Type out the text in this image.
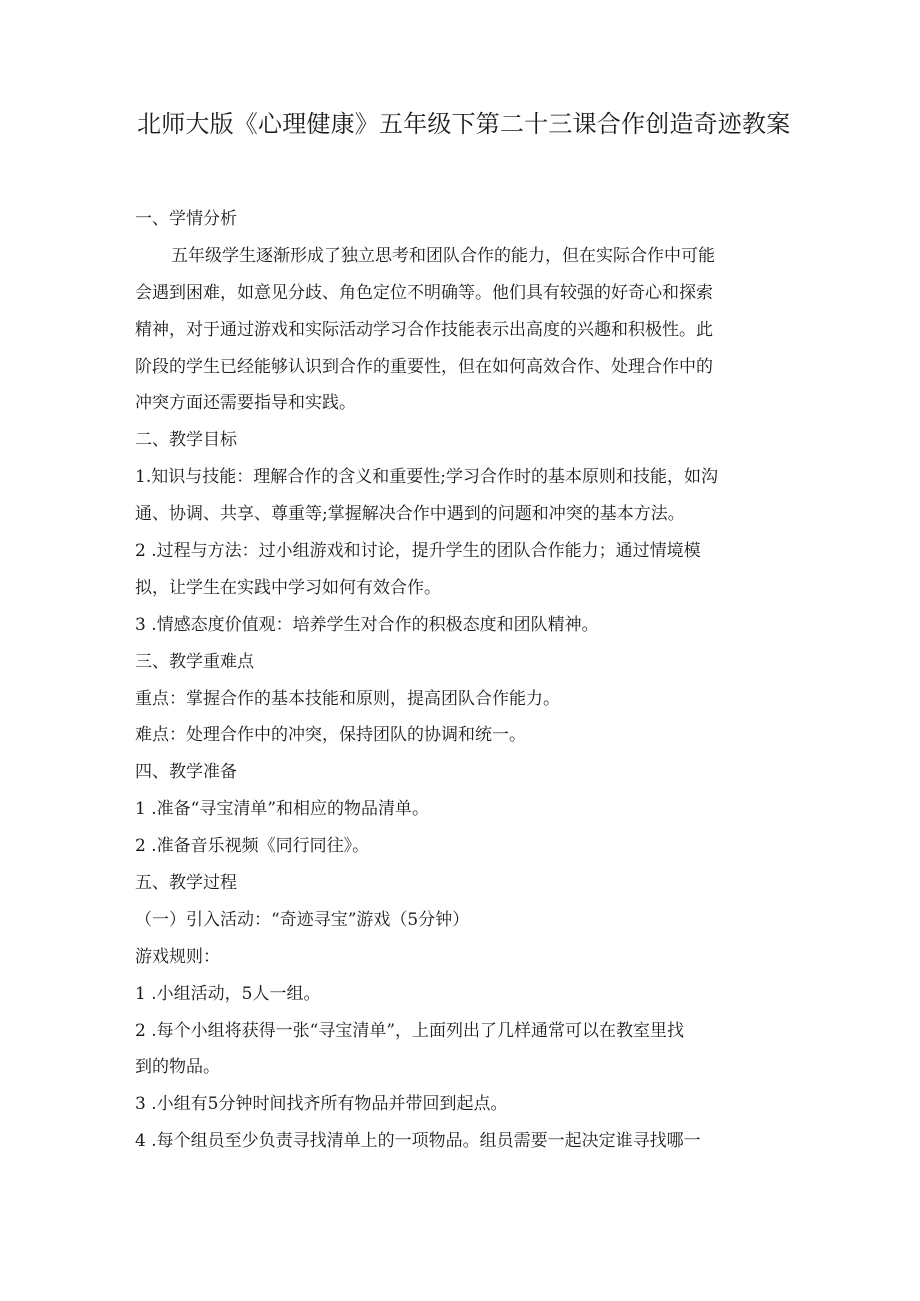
北师大版《心理健康》五年级下第二十三课合作创造奇迹教案

一、学情分析

五年级学生逐渐形成了独立思考和团队合作的能力，但在实际合作中可能

会遇到困难，如意见分歧、角色定位不明确等。他们具有较强的好奇心和探索

精神，对于通过游戏和实际活动学习合作技能表示出高度的兴趣和积极性。此

阶段的学生已经能够认识到合作的重要性，但在如何高效合作、处理合作中的

冲突方面还需要指导和实践。

二、教学目标

1.知识与技能：理解合作的含义和重要性;学习合作时的基本原则和技能，如沟

通、协调、共享、尊重等;掌握解决合作中遇到的问题和冲突的基本方法。

2 .过程与方法：过小组游戏和讨论，提升学生的团队合作能力；通过情境模

拟，让学生在实践中学习如何有效合作。

3 .情感态度价值观：培养学生对合作的积极态度和团队精神。

三、教学重难点

重点：掌握合作的基本技能和原则，提高团队合作能力。

难点：处理合作中的冲突，保持团队的协调和统一。

四、教学准备

1 .准备“寻宝清单”和相应的物品清单。

2 .准备音乐视频《同行同往》。

五、教学过程

（一）引入活动：“奇迹寻宝”游戏（5分钟）

游戏规则：

1 .小组活动，5人一组。

2 .每个小组将获得一张“寻宝清单”，上面列出了几样通常可以在教室里找

到的物品。

3 .小组有5分钟时间找齐所有物品并带回到起点。

4 .每个组员至少负责寻找清单上的一项物品。组员需要一起决定谁寻找哪一
